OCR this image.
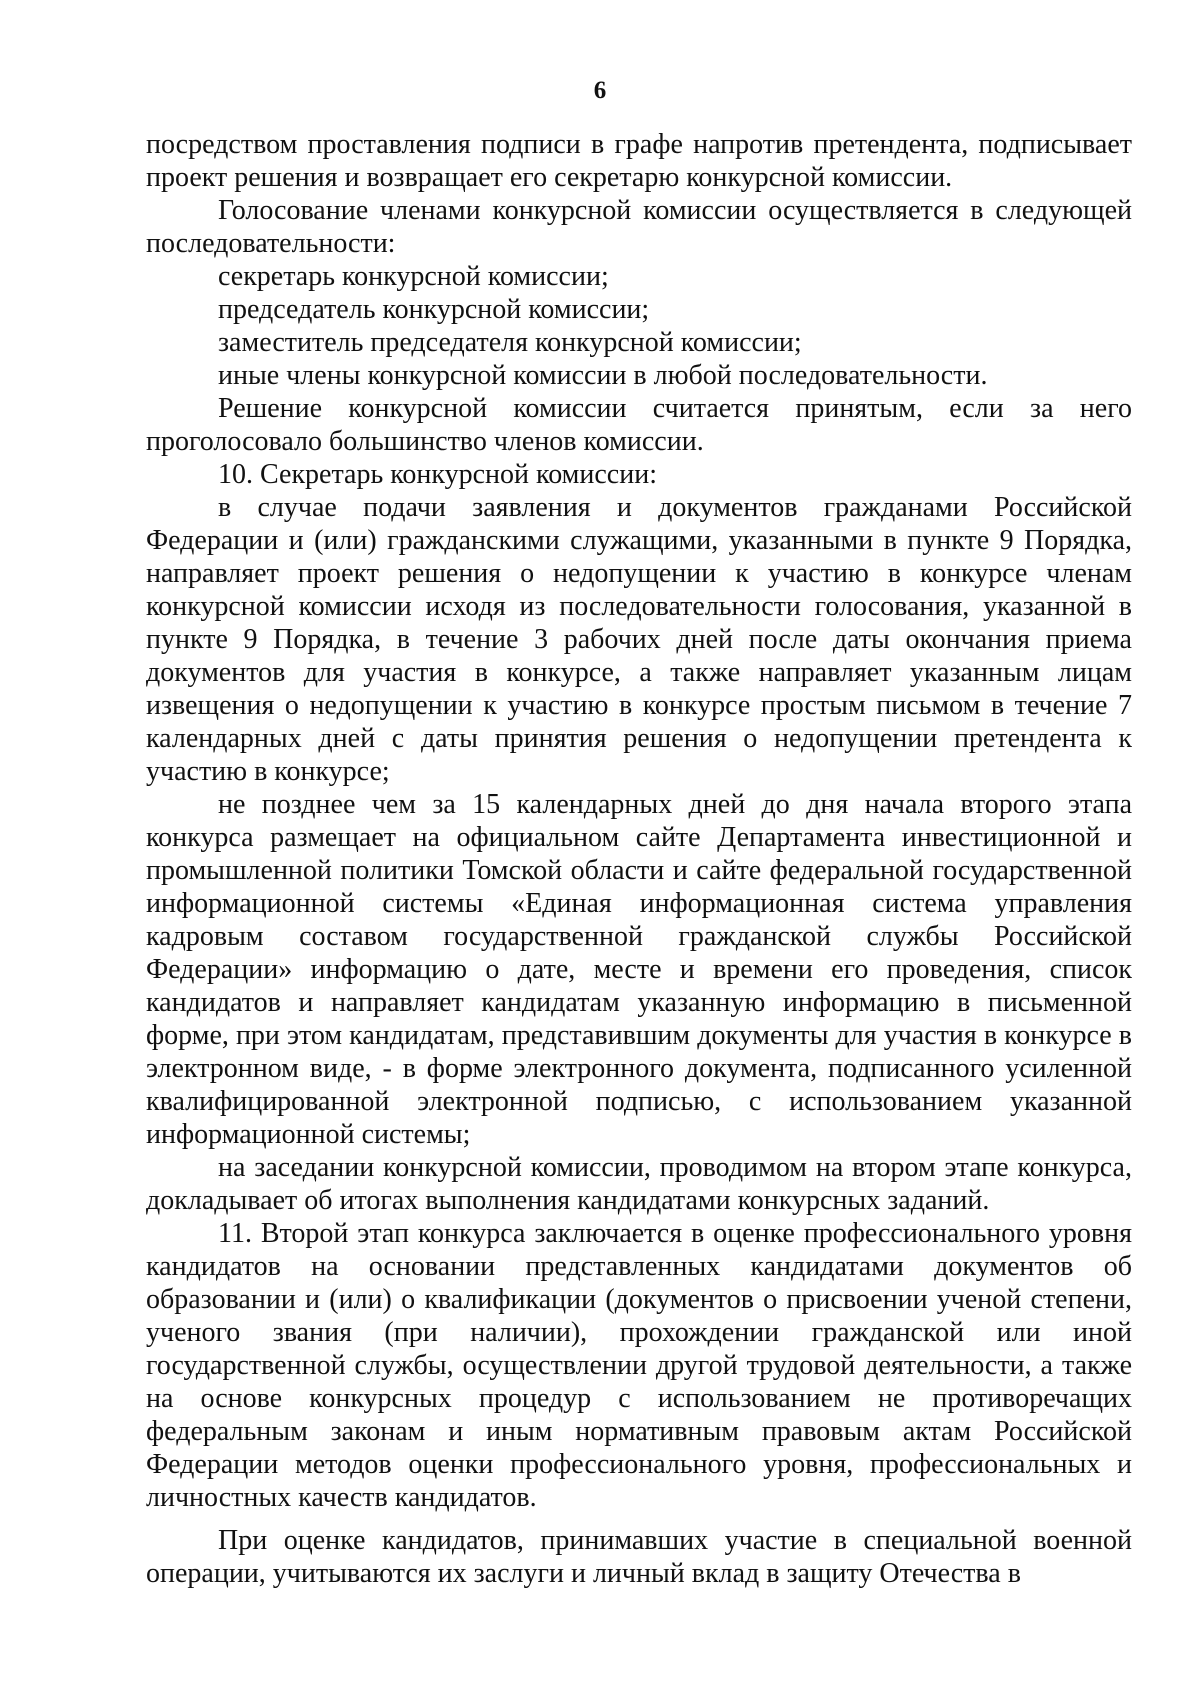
6

посредством проставления подписи в графе напротив претендента, подписывает проект решения и возвращает его секретарю конкурсной комиссии.

Голосование членами конкурсной комиссии осуществляется в следующей последовательности:

секретарь конкурсной комиссии;

председатель конкурсной комиссии;

заместитель председателя конкурсной комиссии;

иные члены конкурсной комиссии в любой последовательности.

Решение конкурсной комиссии считается принятым, если за него проголосовало большинство членов комиссии.

10. Секретарь конкурсной комиссии:

в случае подачи заявления и документов гражданами Российской Федерации и (или) гражданскими служащими, указанными в пункте 9 Порядка, направляет проект решения о недопущении к участию в конкурсе членам конкурсной комиссии исходя из последовательности голосования, указанной в пункте 9 Порядка, в течение 3 рабочих дней после даты окончания приема документов для участия в конкурсе, а также направляет указанным лицам извещения о недопущении к участию в конкурсе простым письмом в течение 7 календарных дней с даты принятия решения о недопущении претендента к участию в конкурсе;

не позднее чем за 15 календарных дней до дня начала второго этапа конкурса размещает на официальном сайте Департамента инвестиционной и промышленной политики Томской области и сайте федеральной государственной информационной системы «Единая информационная система управления кадровым составом государственной гражданской службы Российской Федерации» информацию о дате, месте и времени его проведения, список кандидатов и направляет кандидатам указанную информацию в письменной форме, при этом кандидатам, представившим документы для участия в конкурсе в электронном виде, - в форме электронного документа, подписанного усиленной квалифицированной электронной подписью, с использованием указанной информационной системы;

на заседании конкурсной комиссии, проводимом на втором этапе конкурса, докладывает об итогах выполнения кандидатами конкурсных заданий.

11. Второй этап конкурса заключается в оценке профессионального уровня кандидатов на основании представленных кандидатами документов об образовании и (или) о квалификации (документов о присвоении ученой степени, ученого звания (при наличии), прохождении гражданской или иной государственной службы, осуществлении другой трудовой деятельности, а также на основе конкурсных процедур с использованием не противоречащих федеральным законам и иным нормативным правовым актам Российской Федерации методов оценки профессионального уровня, профессиональных и личностных качеств кандидатов.

При оценке кандидатов, принимавших участие в специальной военной операции, учитываются их заслуги и личный вклад в защиту Отечества в
